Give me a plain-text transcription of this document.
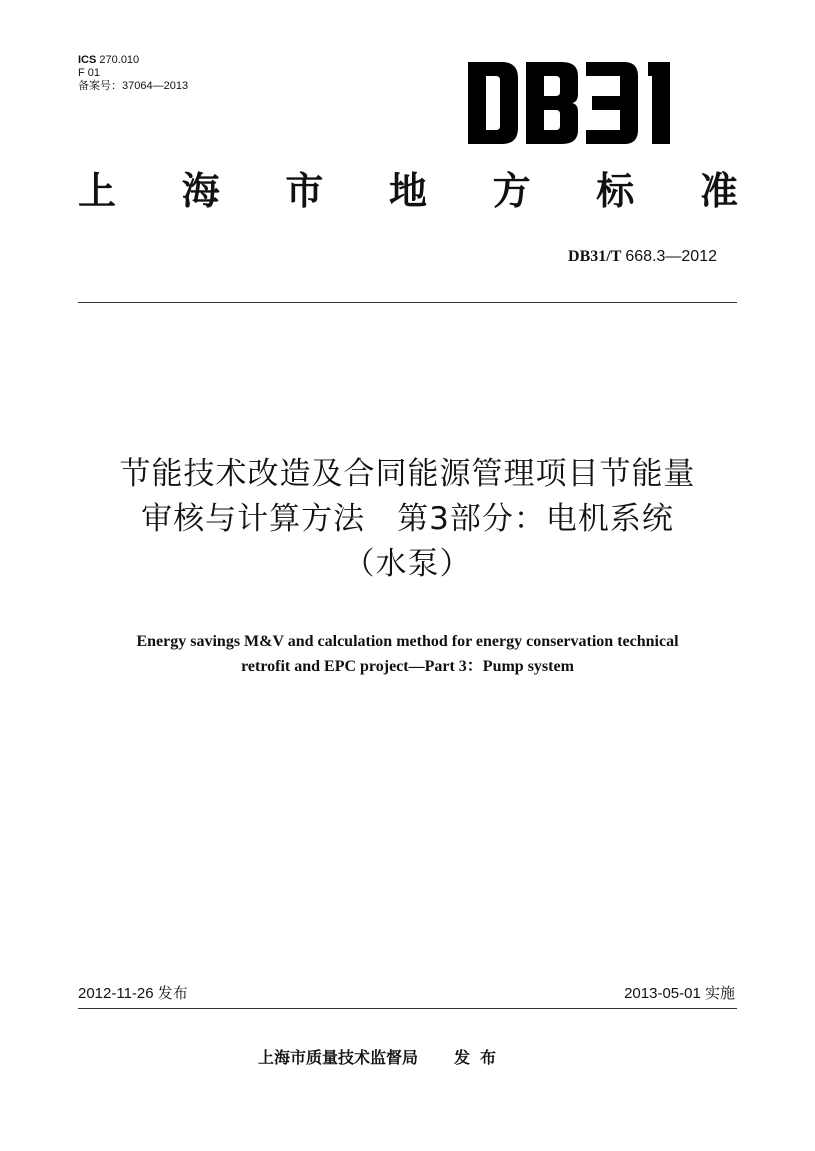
ICS 270.010
F 01
备案号：37064—2013
上 海 市 地 方 标 准
DB31/T 668.3—2012
节能技术改造及合同能源管理项目节能量
审核与计算方法　第3部分：电机系统
（水泵）
Energy savings M&V and calculation method for energy conservation technical
retrofit and EPC project—Part 3：Pump system
2012-11-26 发布	2013-05-01 实施
上海市质量技术监督局 发布
